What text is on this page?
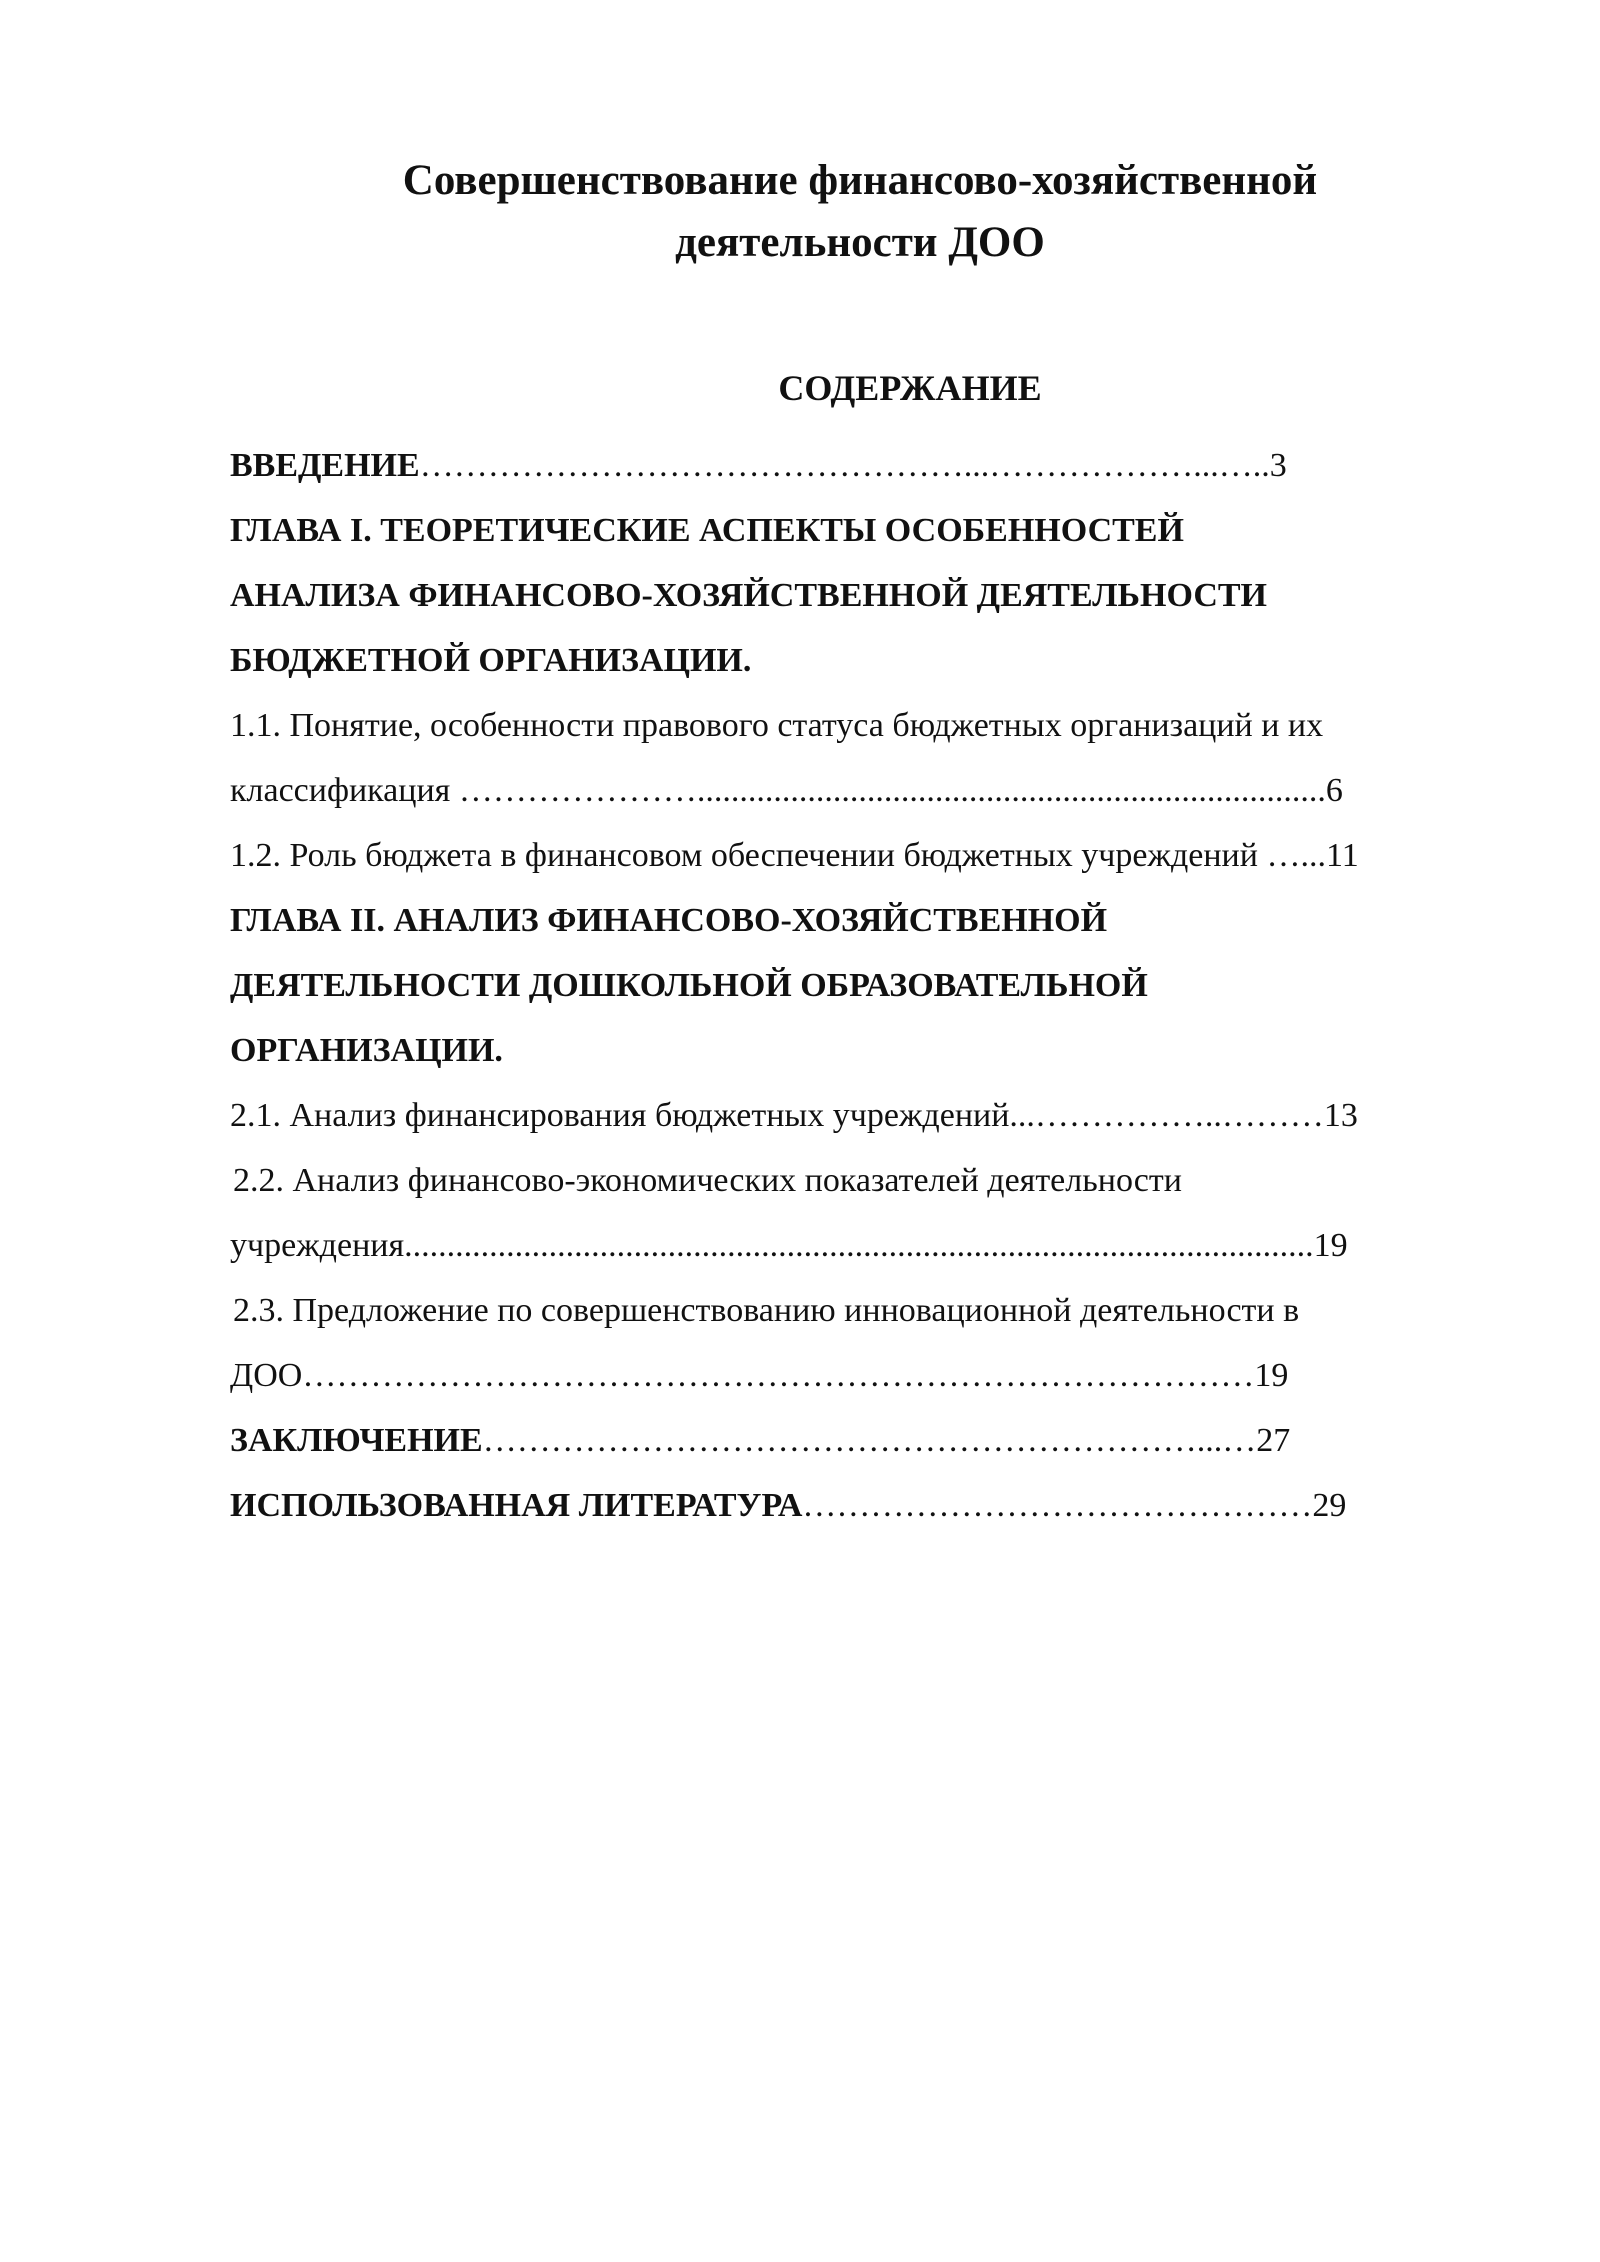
Совершенствование финансово-хозяйственной
деятельности ДОО
СОДЕРЖАНИЕ
ВВЕДЕНИЕ…………………………………………...………………...…..3
ГЛАВА I. ТЕОРЕТИЧЕСКИЕ АСПЕКТЫ ОСОБЕННОСТЕЙ
АНАЛИЗА ФИНАНСОВО-ХОЗЯЙСТВЕННОЙ ДЕЯТЕЛЬНОСТИ
БЮДЖЕТНОЙ ОРГАНИЗАЦИИ.
1.1. Понятие, особенности правового статуса бюджетных организаций и их
классификация …………………..........................................................................6
1.2. Роль бюджета в финансовом обеспечении бюджетных учреждений …...11
ГЛАВА II. АНАЛИЗ ФИНАНСОВО-ХОЗЯЙСТВЕННОЙ
ДЕЯТЕЛЬНОСТИ ДОШКОЛЬНОЙ ОБРАЗОВАТЕЛЬНОЙ
ОРГАНИЗАЦИИ.
2.1. Анализ финансирования бюджетных учреждений...……………..………13
2.2. Анализ финансово-экономических показателей деятельности
учреждения...........................................................................................................19
2.3. Предложение по совершенствованию инновационной деятельности в
ДОО…………………………………………………………………………19
ЗАКЛЮЧЕНИЕ………………………………………………………...…27
ИСПОЛЬЗОВАННАЯ ЛИТЕРАТУРА………………………………………29
